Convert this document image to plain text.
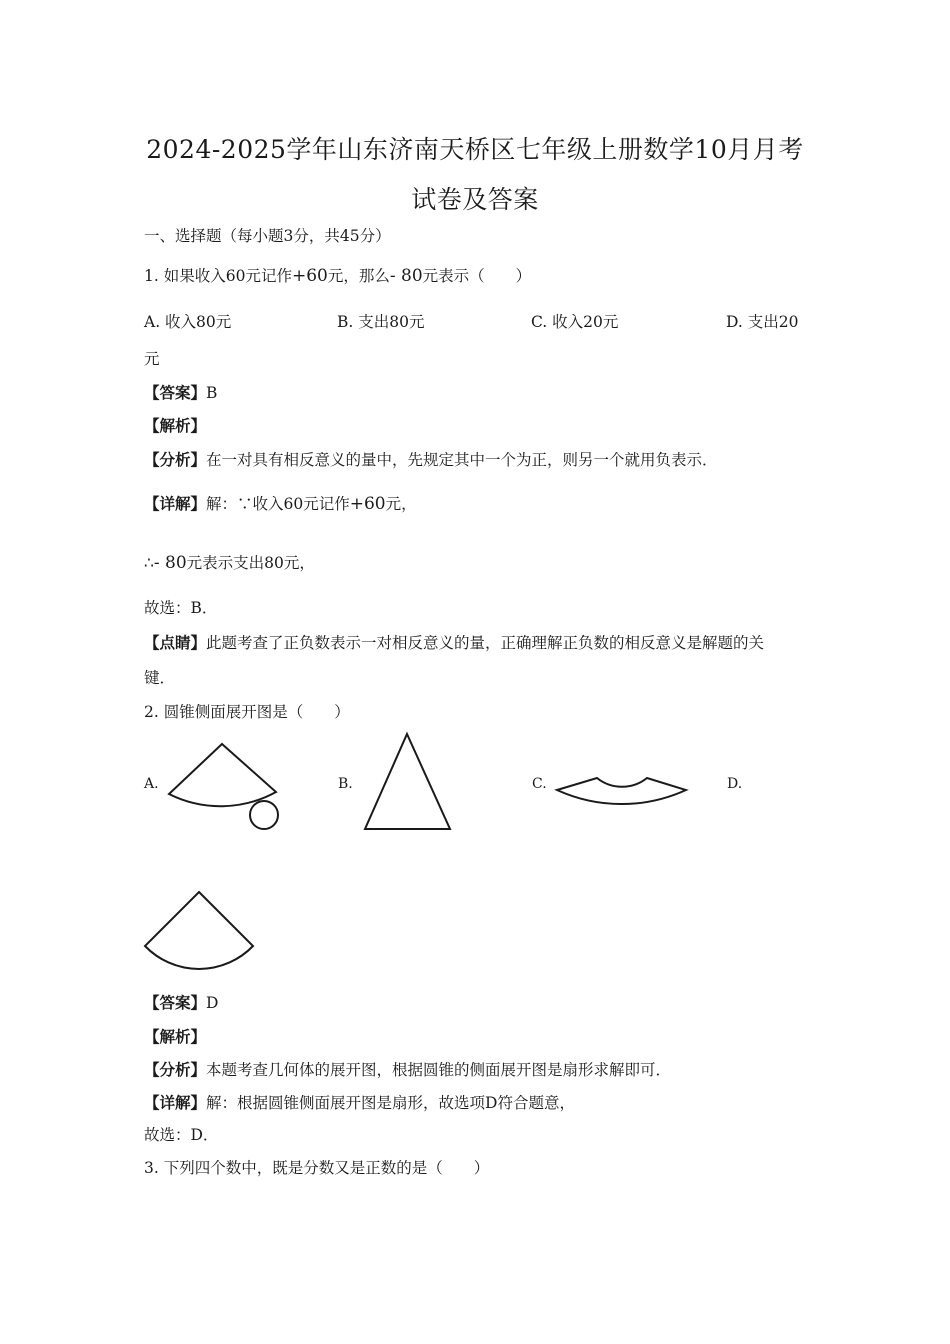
2024-2025学年山东济南天桥区七年级上册数学10月月考
试卷及答案
一、选择题（每小题3分，共45分）
1. 如果收入60元记作+60元，那么- 80元表示（　　）
A. 收入80元	B. 支出80元	C. 收入20元	D. 支出20
元
【答案】B
【解析】
【分析】在一对具有相反意义的量中，先规定其中一个为正，则另一个就用负表示．
【详解】解：∵收入60元记作+60元，
∴- 80元表示支出80元，
故选：B．
【点睛】此题考查了正负数表示一对相反意义的量，正确理解正负数的相反意义是解题的关
键．
2. 圆锥侧面展开图是（　　）
A.	B.	C.	D.
【答案】D
【解析】
【分析】本题考查几何体的展开图，根据圆锥的侧面展开图是扇形求解即可．
【详解】解：根据圆锥侧面展开图是扇形，故选项D符合题意，
故选：D．
3. 下列四个数中，既是分数又是正数的是（　　）
